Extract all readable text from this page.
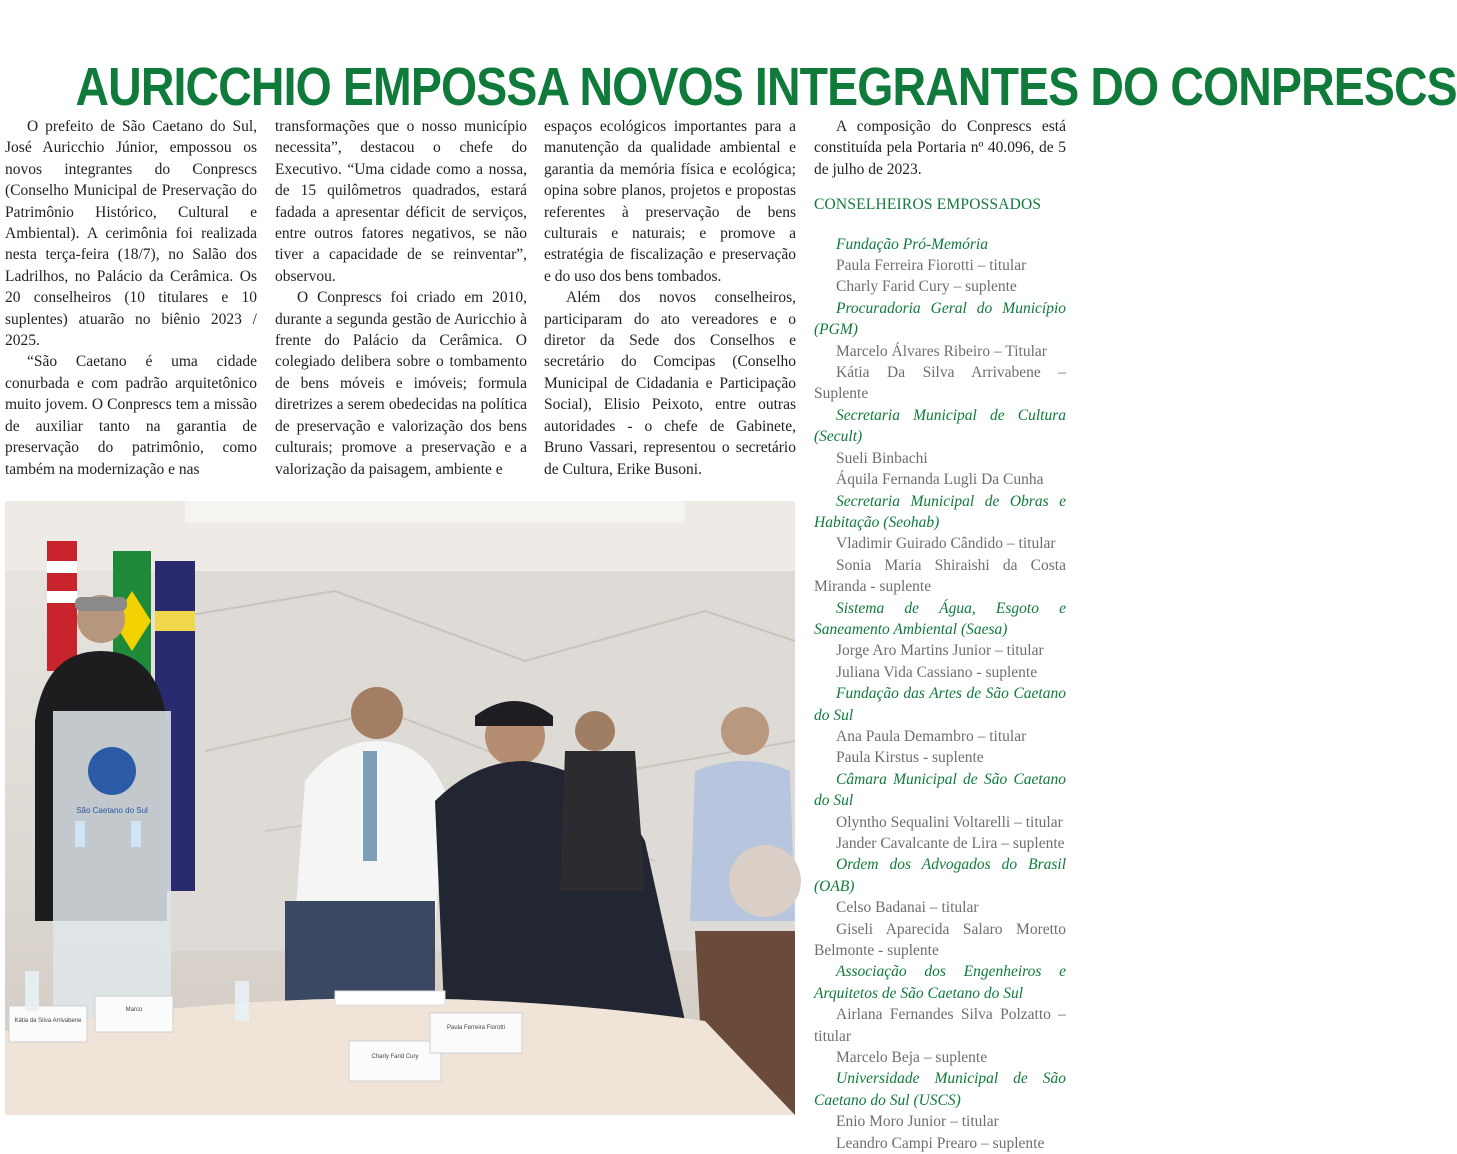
AURICCHIO EMPOSSA NOVOS INTEGRANTES DO CONPRESCS

O prefeito de São Caetano do Sul, José Auricchio Júnior, empossou os novos integrantes do Conprescs (Conselho Municipal de Preservação do Patrimônio Histórico, Cultural e Ambiental). A cerimônia foi realizada nesta terça-feira (18/7), no Salão dos Ladrilhos, no Palácio da Cerâmica. Os 20 conselheiros (10 titulares e 10 suplentes) atuarão no biênio 2023 / 2025.

“São Caetano é uma cidade conurbada e com padrão arquitetônico muito jovem. O Conprescs tem a missão de auxiliar tanto na garantia de preservação do patrimônio, como também na modernização e nas

transformações que o nosso município necessita”, destacou o chefe do Executivo. “Uma cidade como a nossa, de 15 quilômetros quadrados, estará fadada a apresentar déficit de serviços, entre outros fatores negativos, se não tiver a capacidade de se reinventar”, observou.

O Conprescs foi criado em 2010, durante a segunda gestão de Auricchio à frente do Palácio da Cerâmica. O colegiado delibera sobre o tombamento de bens móveis e imóveis; formula diretrizes a serem obedecidas na política de preservação e valorização dos bens culturais; promove a preservação e a valorização da paisagem, ambiente e

espaços ecológicos importantes para a manutenção da qualidade ambiental e garantia da memória física e ecológica; opina sobre planos, projetos e propostas referentes à preservação de bens culturais e naturais; e promove a estratégia de fiscalização e preservação e do uso dos bens tombados.

Além dos novos conselheiros, participaram do ato vereadores e o diretor da Sede dos Conselhos e secretário do Comcipas (Conselho Municipal de Cidadania e Participação Social), Elisio Peixoto, entre outras autoridades - o chefe de Gabinete, Bruno Vassari, representou o secretário de Cultura, Erike Busoni.

A composição do Conprescs está constituída pela Portaria nº 40.096, de 5 de julho de 2023.

CONSELHEIROS EMPOSSADOS

Fundação Pró-Memória

Paula Ferreira Fiorotti – titular

Charly Farid Cury – suplente

Procuradoria Geral do Município (PGM)

Marcelo Álvares Ribeiro – Titular

Kátia Da Silva Arrivabene – Suplente

Secretaria Municipal de Cultura (Secult)

Sueli Binbachi

Áquila Fernanda Lugli Da Cunha

Secretaria Municipal de Obras e Habitação (Seohab)

Vladimir Guirado Cândido – titular

Sonia Maria Shiraishi da Costa Miranda - suplente

Sistema de Água, Esgoto e Saneamento Ambiental (Saesa)

Jorge Aro Martins Junior – titular

Juliana Vida Cassiano - suplente

Fundação das Artes de São Caetano do Sul

Ana Paula Demambro – titular

Paula Kirstus - suplente

Câmara Municipal de São Caetano do Sul

Olyntho Sequalini Voltarelli – titular

Jander Cavalcante de Lira – suplente

Ordem dos Advogados do Brasil (OAB)

Celso Badanai – titular

Giseli Aparecida Salaro Moretto Belmonte - suplente

Associação dos Engenheiros e Arquitetos de São Caetano do Sul

Airlana Fernandes Silva Polzatto – titular

Marcelo Beja – suplente

Universidade Municipal de São Caetano do Sul (USCS)

Enio Moro Junior – titular

Leandro Campi Prearo – suplente

São Caetano do Sul
Kátia da Silva Arrivabene
Marco
Charly Farid Cury
Paula Ferreira Fiorotti
